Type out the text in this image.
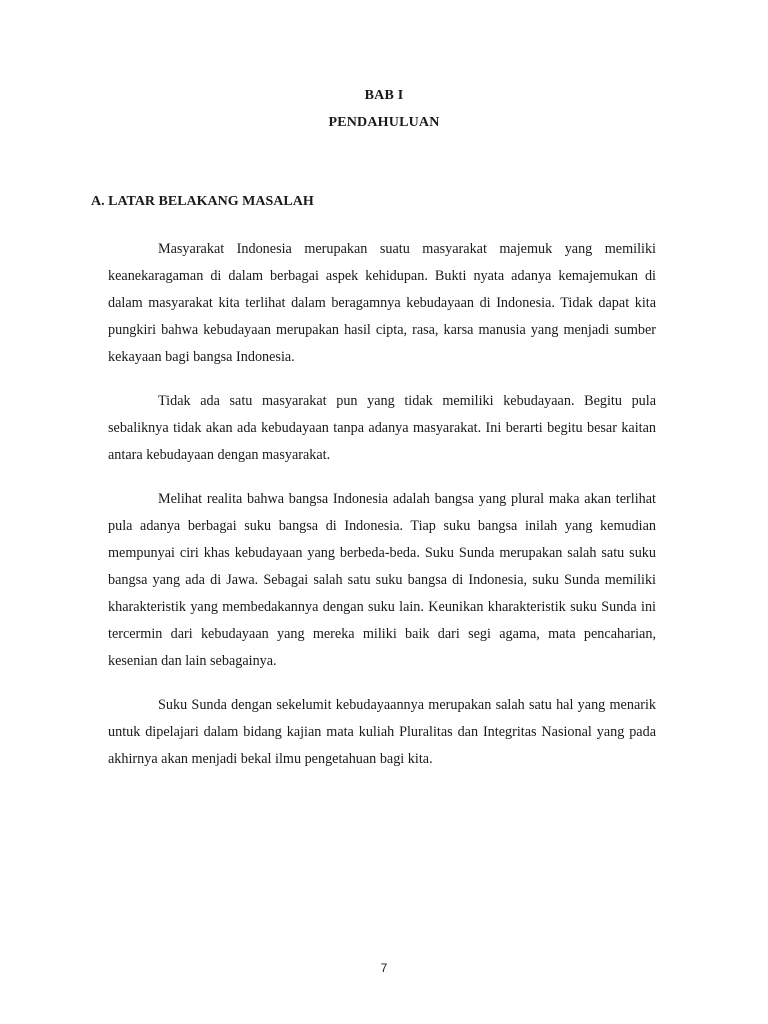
BAB I
PENDAHULUAN
A. LATAR BELAKANG MASALAH

Masyarakat Indonesia merupakan suatu masyarakat majemuk yang memiliki keanekaragaman di dalam berbagai aspek kehidupan. Bukti nyata adanya kemajemukan di dalam masyarakat kita terlihat dalam beragamnya kebudayaan di Indonesia. Tidak dapat kita pungkiri bahwa kebudayaan merupakan hasil cipta, rasa, karsa manusia yang menjadi sumber kekayaan bagi bangsa Indonesia.

Tidak ada satu masyarakat pun yang tidak memiliki kebudayaan. Begitu pula sebaliknya tidak akan ada kebudayaan tanpa adanya masyarakat. Ini berarti begitu besar kaitan antara kebudayaan dengan masyarakat.

Melihat realita bahwa bangsa Indonesia adalah bangsa yang plural maka akan terlihat pula adanya berbagai suku bangsa di Indonesia. Tiap suku bangsa inilah yang kemudian mempunyai ciri khas kebudayaan yang berbeda-beda. Suku Sunda merupakan salah satu suku bangsa yang ada di Jawa. Sebagai salah satu suku bangsa di Indonesia, suku Sunda memiliki kharakteristik yang membedakannya dengan suku lain. Keunikan kharakteristik suku Sunda ini tercermin dari kebudayaan yang mereka miliki baik dari segi agama, mata pencaharian, kesenian dan lain sebagainya.

Suku Sunda dengan sekelumit kebudayaannya merupakan salah satu hal yang menarik untuk dipelajari dalam bidang kajian mata kuliah Pluralitas dan Integritas Nasional yang pada akhirnya akan menjadi bekal ilmu pengetahuan bagi kita.

7
